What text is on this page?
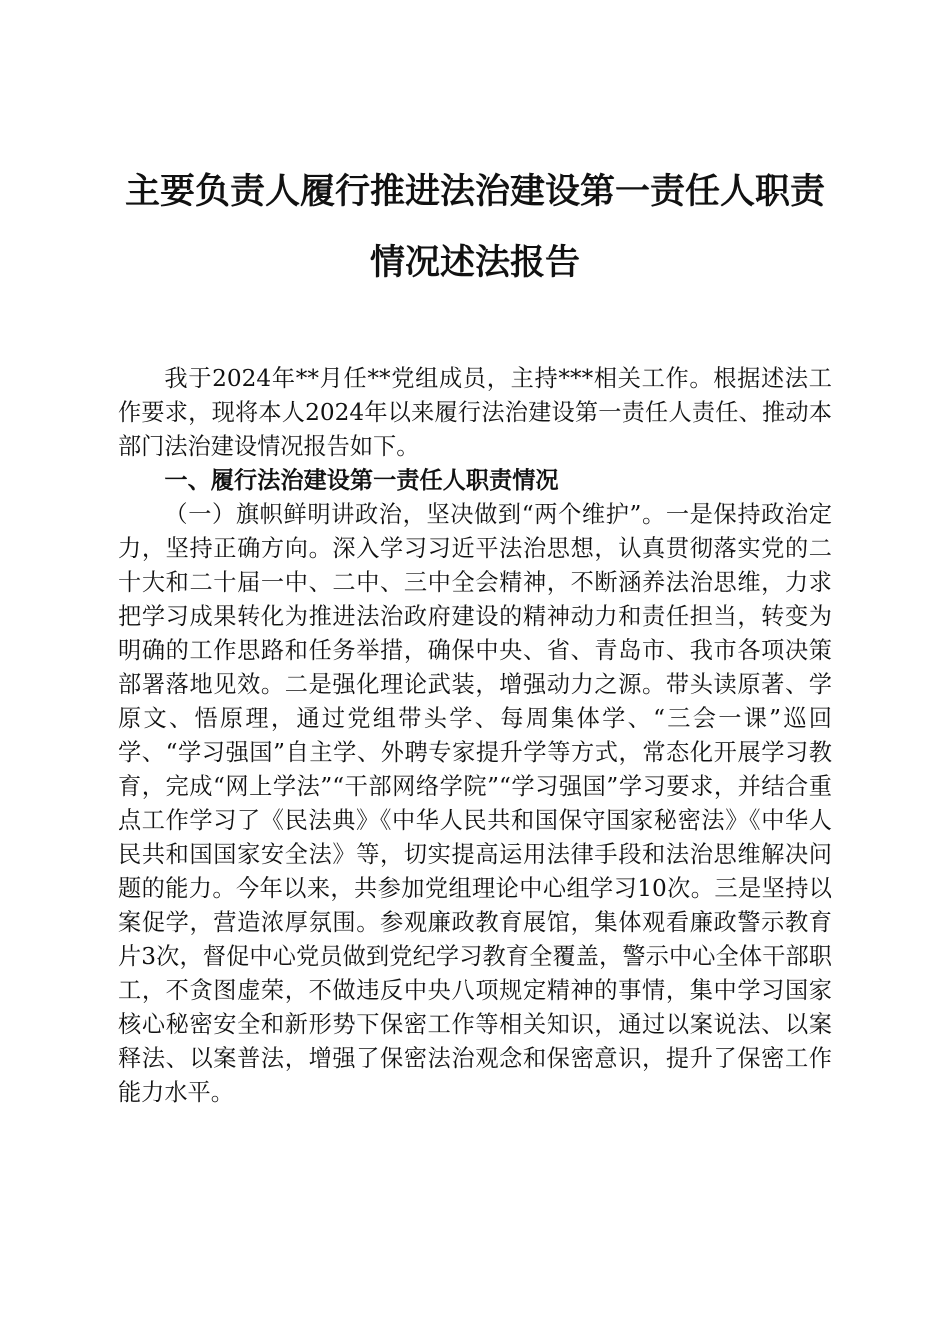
主要负责人履行推进法治建设第一责任人职责
情况述法报告

我于2024年**月任**党组成员，主持***相关工作。根据述法工作要求，现将本人2024年以来履行法治建设第一责任人责任、推动本部门法治建设情况报告如下。

一、履行法治建设第一责任人职责情况

（一）旗帜鲜明讲政治，坚决做到“两个维护”。一是保持政治定力，坚持正确方向。深入学习习近平法治思想，认真贯彻落实党的二十大和二十届一中、二中、三中全会精神，不断涵养法治思维，力求把学习成果转化为推进法治政府建设的精神动力和责任担当，转变为明确的工作思路和任务举措，确保中央、省、青岛市、我市各项决策部署落地见效。二是强化理论武装，增强动力之源。带头读原著、学原文、悟原理，通过党组带头学、每周集体学、“三会一课”巡回学、“学习强国”自主学、外聘专家提升学等方式，常态化开展学习教育，完成“网上学法”“干部网络学院”“学习强国”学习要求，并结合重点工作学习了《民法典》《中华人民共和国保守国家秘密法》《中华人民共和国国家安全法》等，切实提高运用法律手段和法治思维解决问题的能力。今年以来，共参加党组理论中心组学习10次。三是坚持以案促学，营造浓厚氛围。参观廉政教育展馆，集体观看廉政警示教育片3次，督促中心党员做到党纪学习教育全覆盖，警示中心全体干部职工，不贪图虚荣，不做违反中央八项规定精神的事情，集中学习国家核心秘密安全和新形势下保密工作等相关知识，通过以案说法、以案释法、以案普法，增强了保密法治观念和保密意识，提升了保密工作能力水平。
